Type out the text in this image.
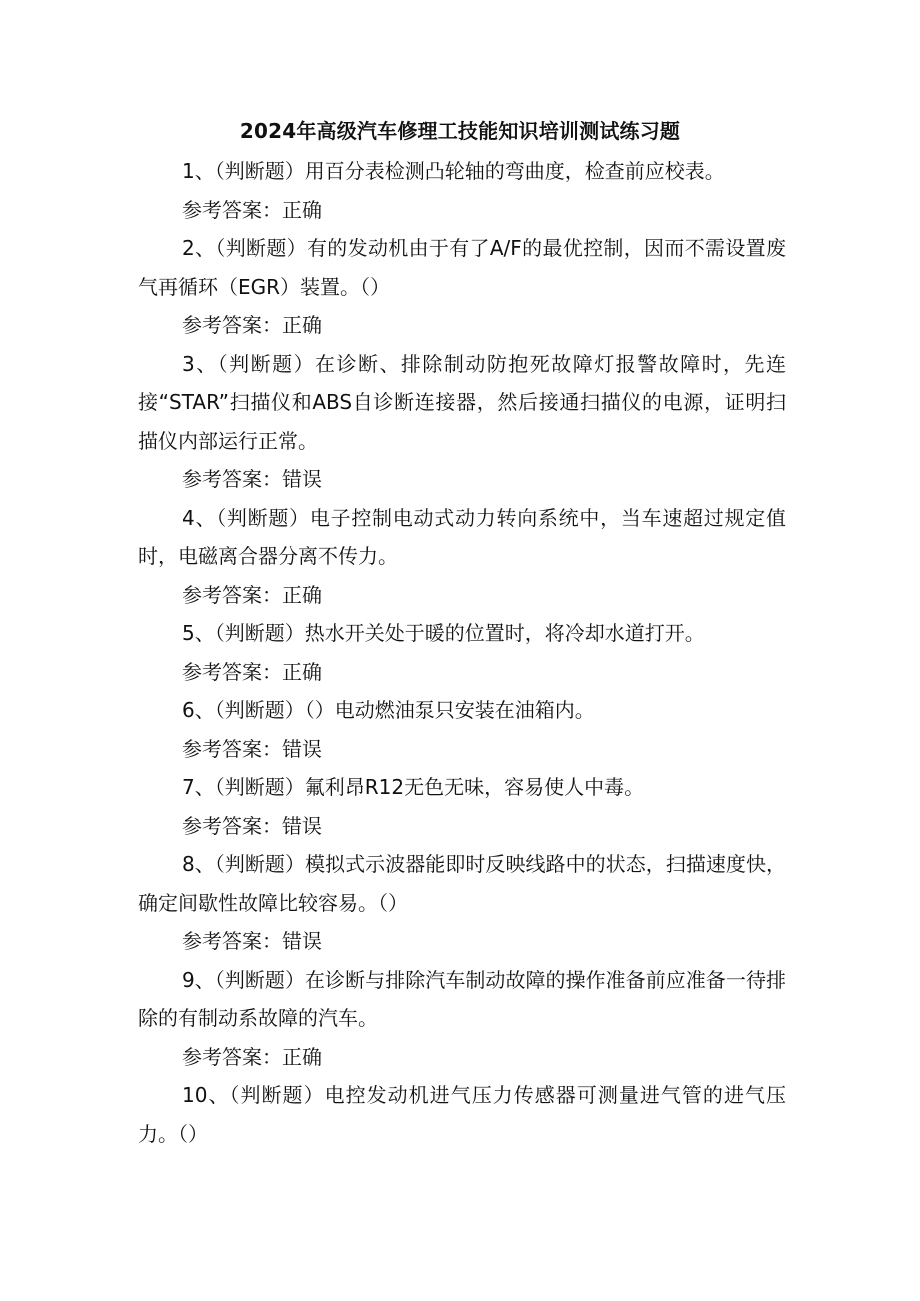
2024年高级汽车修理工技能知识培训测试练习题

1、（判断题）用百分表检测凸轮轴的弯曲度，检查前应校表。

参考答案：正确

2、（判断题）有的发动机由于有了A/F的最优控制，因而不需设置废气再循环（EGR）装置。（）

参考答案：正确

3、（判断题）在诊断、排除制动防抱死故障灯报警故障时，先连接“STAR”扫描仪和ABS自诊断连接器，然后接通扫描仪的电源，证明扫描仪内部运行正常。

参考答案：错误

4、（判断题）电子控制电动式动力转向系统中，当车速超过规定值时，电磁离合器分离不传力。

参考答案：正确

5、（判断题）热水开关处于暖的位置时，将冷却水道打开。

参考答案：正确

6、（判断题）（）电动燃油泵只安装在油箱内。

参考答案：错误

7、（判断题）氟利昂R12无色无味，容易使人中毒。

参考答案：错误

8、（判断题）模拟式示波器能即时反映线路中的状态，扫描速度快，确定间歇性故障比较容易。（）

参考答案：错误

9、（判断题）在诊断与排除汽车制动故障的操作准备前应准备一待排除的有制动系故障的汽车。

参考答案：正确

10、（判断题）电控发动机进气压力传感器可测量进气管的进气压力。（）
